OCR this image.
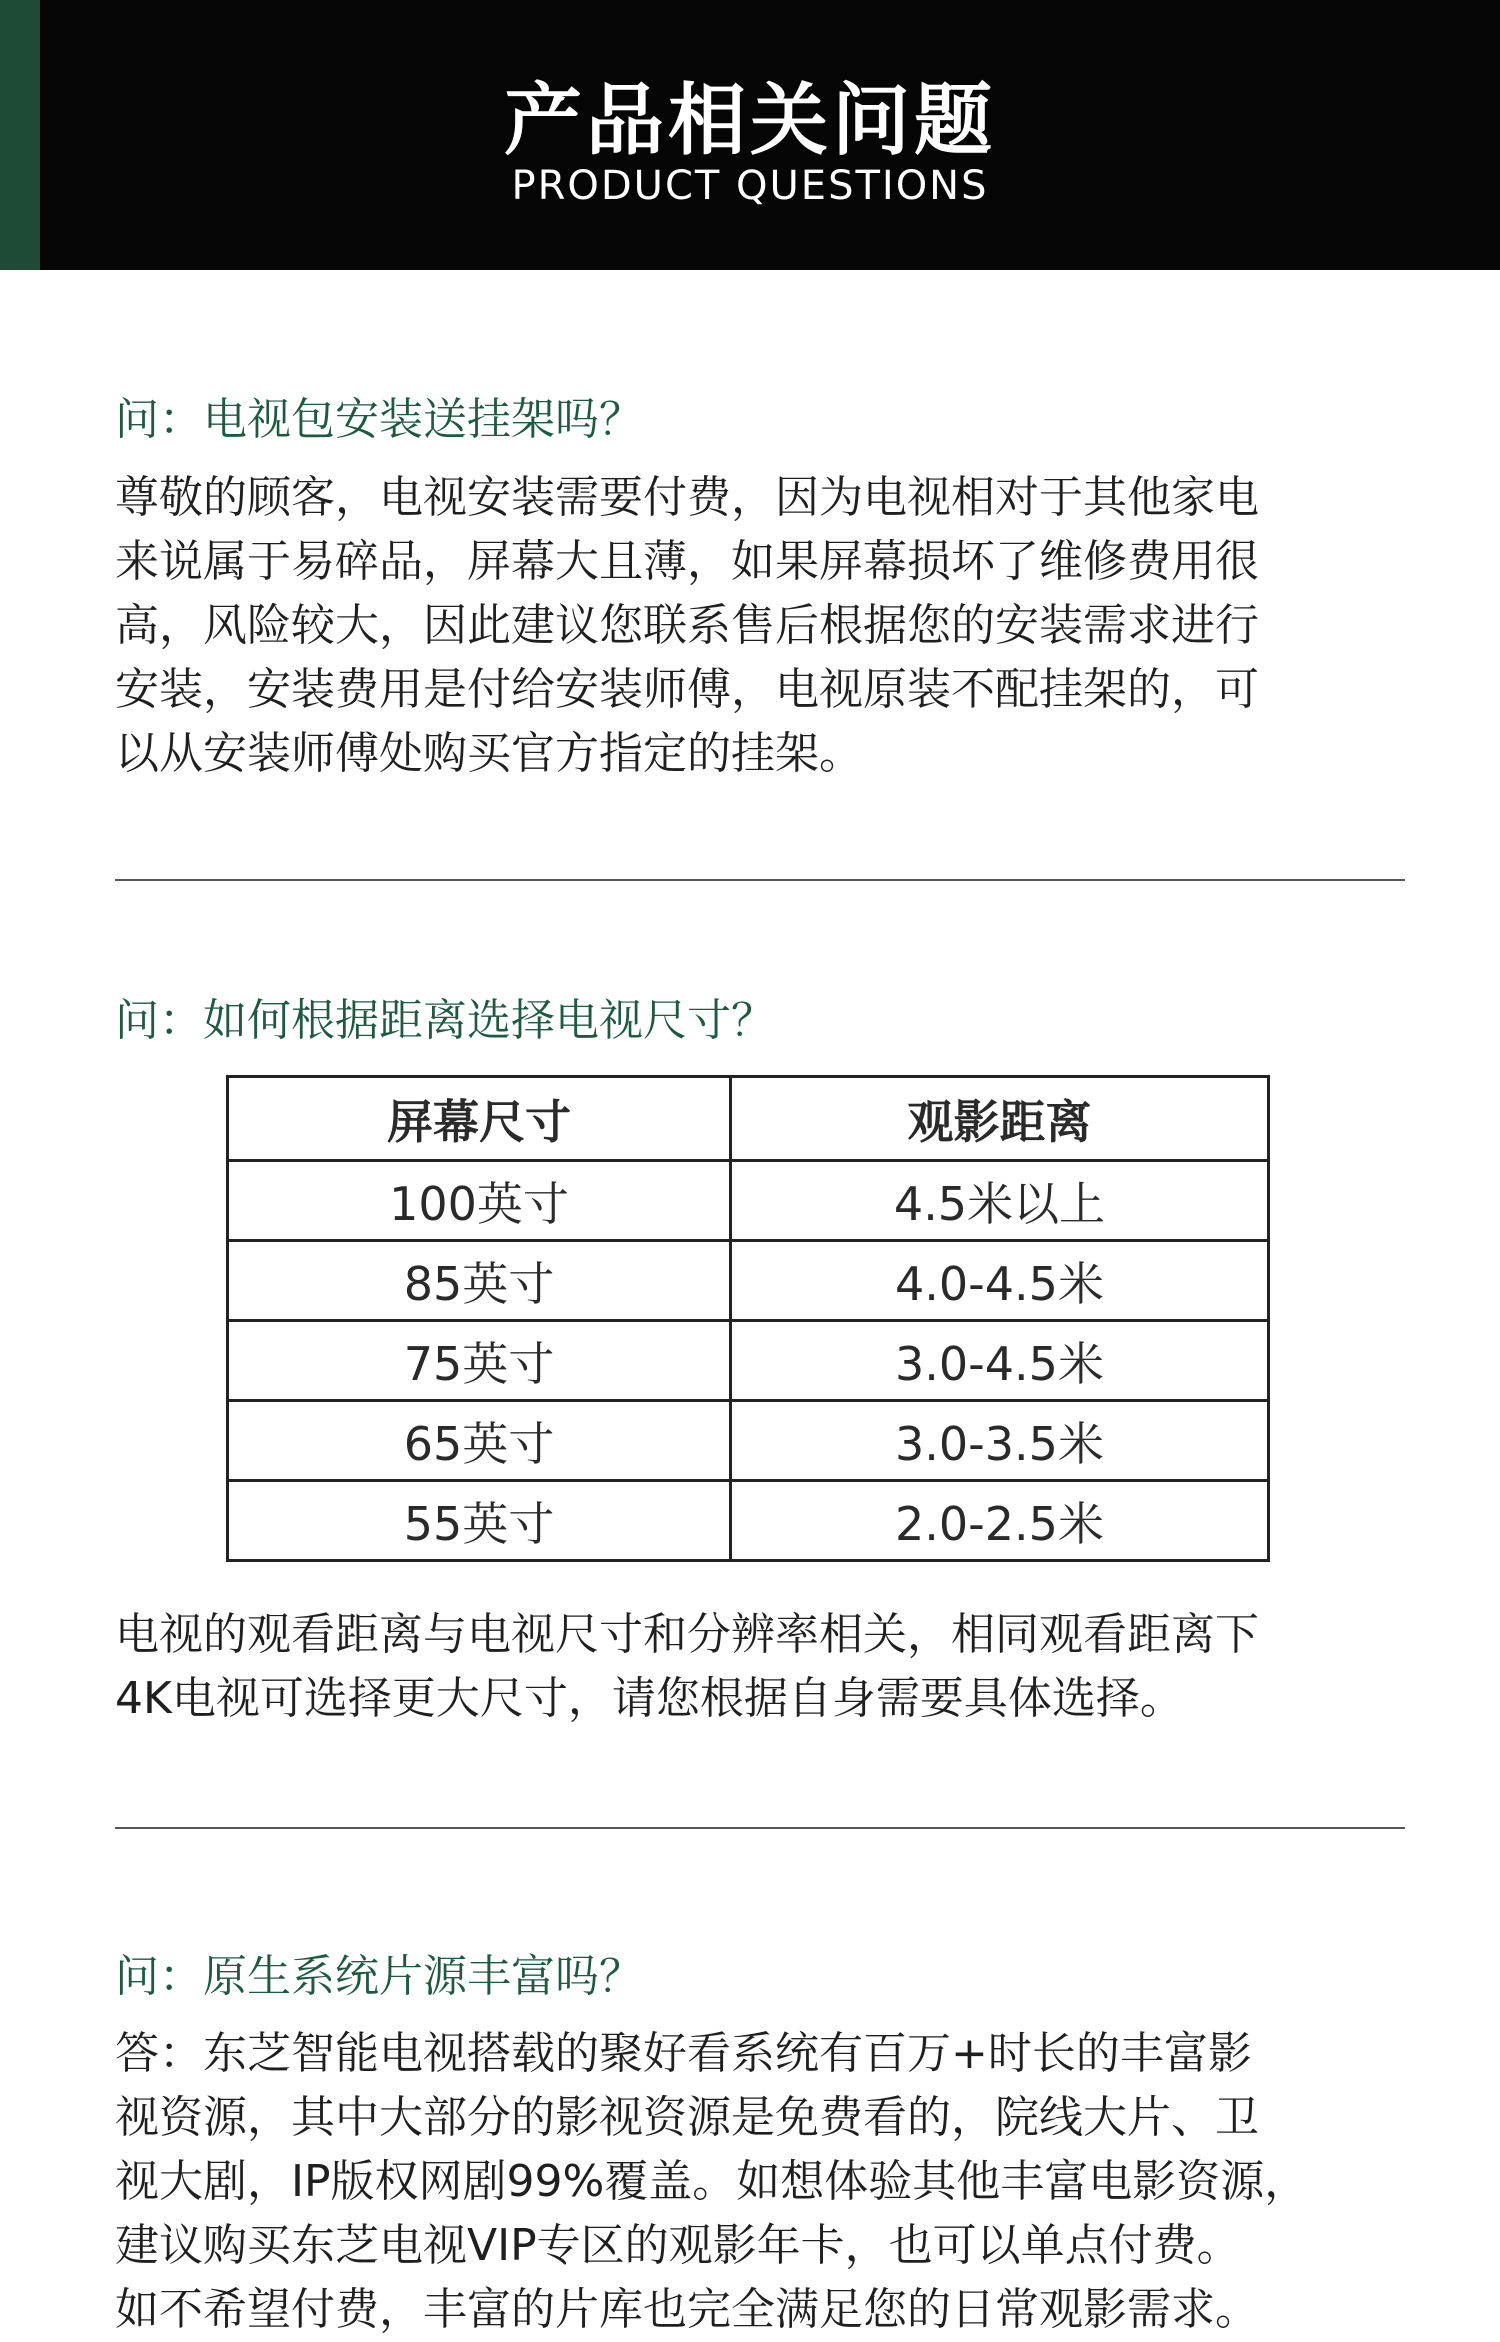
产品相关问题
PRODUCT QUESTIONS
问：电视包安装送挂架吗？
尊敬的顾客，电视安装需要付费，因为电视相对于其他家电
来说属于易碎品，屏幕大且薄，如果屏幕损坏了维修费用很
高，风险较大，因此建议您联系售后根据您的安装需求进行
安装，安装费用是付给安装师傅，电视原装不配挂架的，可
以从安装师傅处购买官方指定的挂架。
问：如何根据距离选择电视尺寸？
屏幕尺寸	观影距离
100英寸	4.5米以上
85英寸	4.0-4.5米
75英寸	3.0-4.5米
65英寸	3.0-3.5米
55英寸	2.0-2.5米
电视的观看距离与电视尺寸和分辨率相关，相同观看距离下
4K电视可选择更大尺寸，请您根据自身需要具体选择。
问：原生系统片源丰富吗？
答：东芝智能电视搭载的聚好看系统有百万+时长的丰富影
视资源，其中大部分的影视资源是免费看的，院线大片、卫
视大剧，IP版权网剧99%覆盖。如想体验其他丰富电影资源，
建议购买东芝电视VIP专区的观影年卡，也可以单点付费。
如不希望付费，丰富的片库也完全满足您的日常观影需求。
